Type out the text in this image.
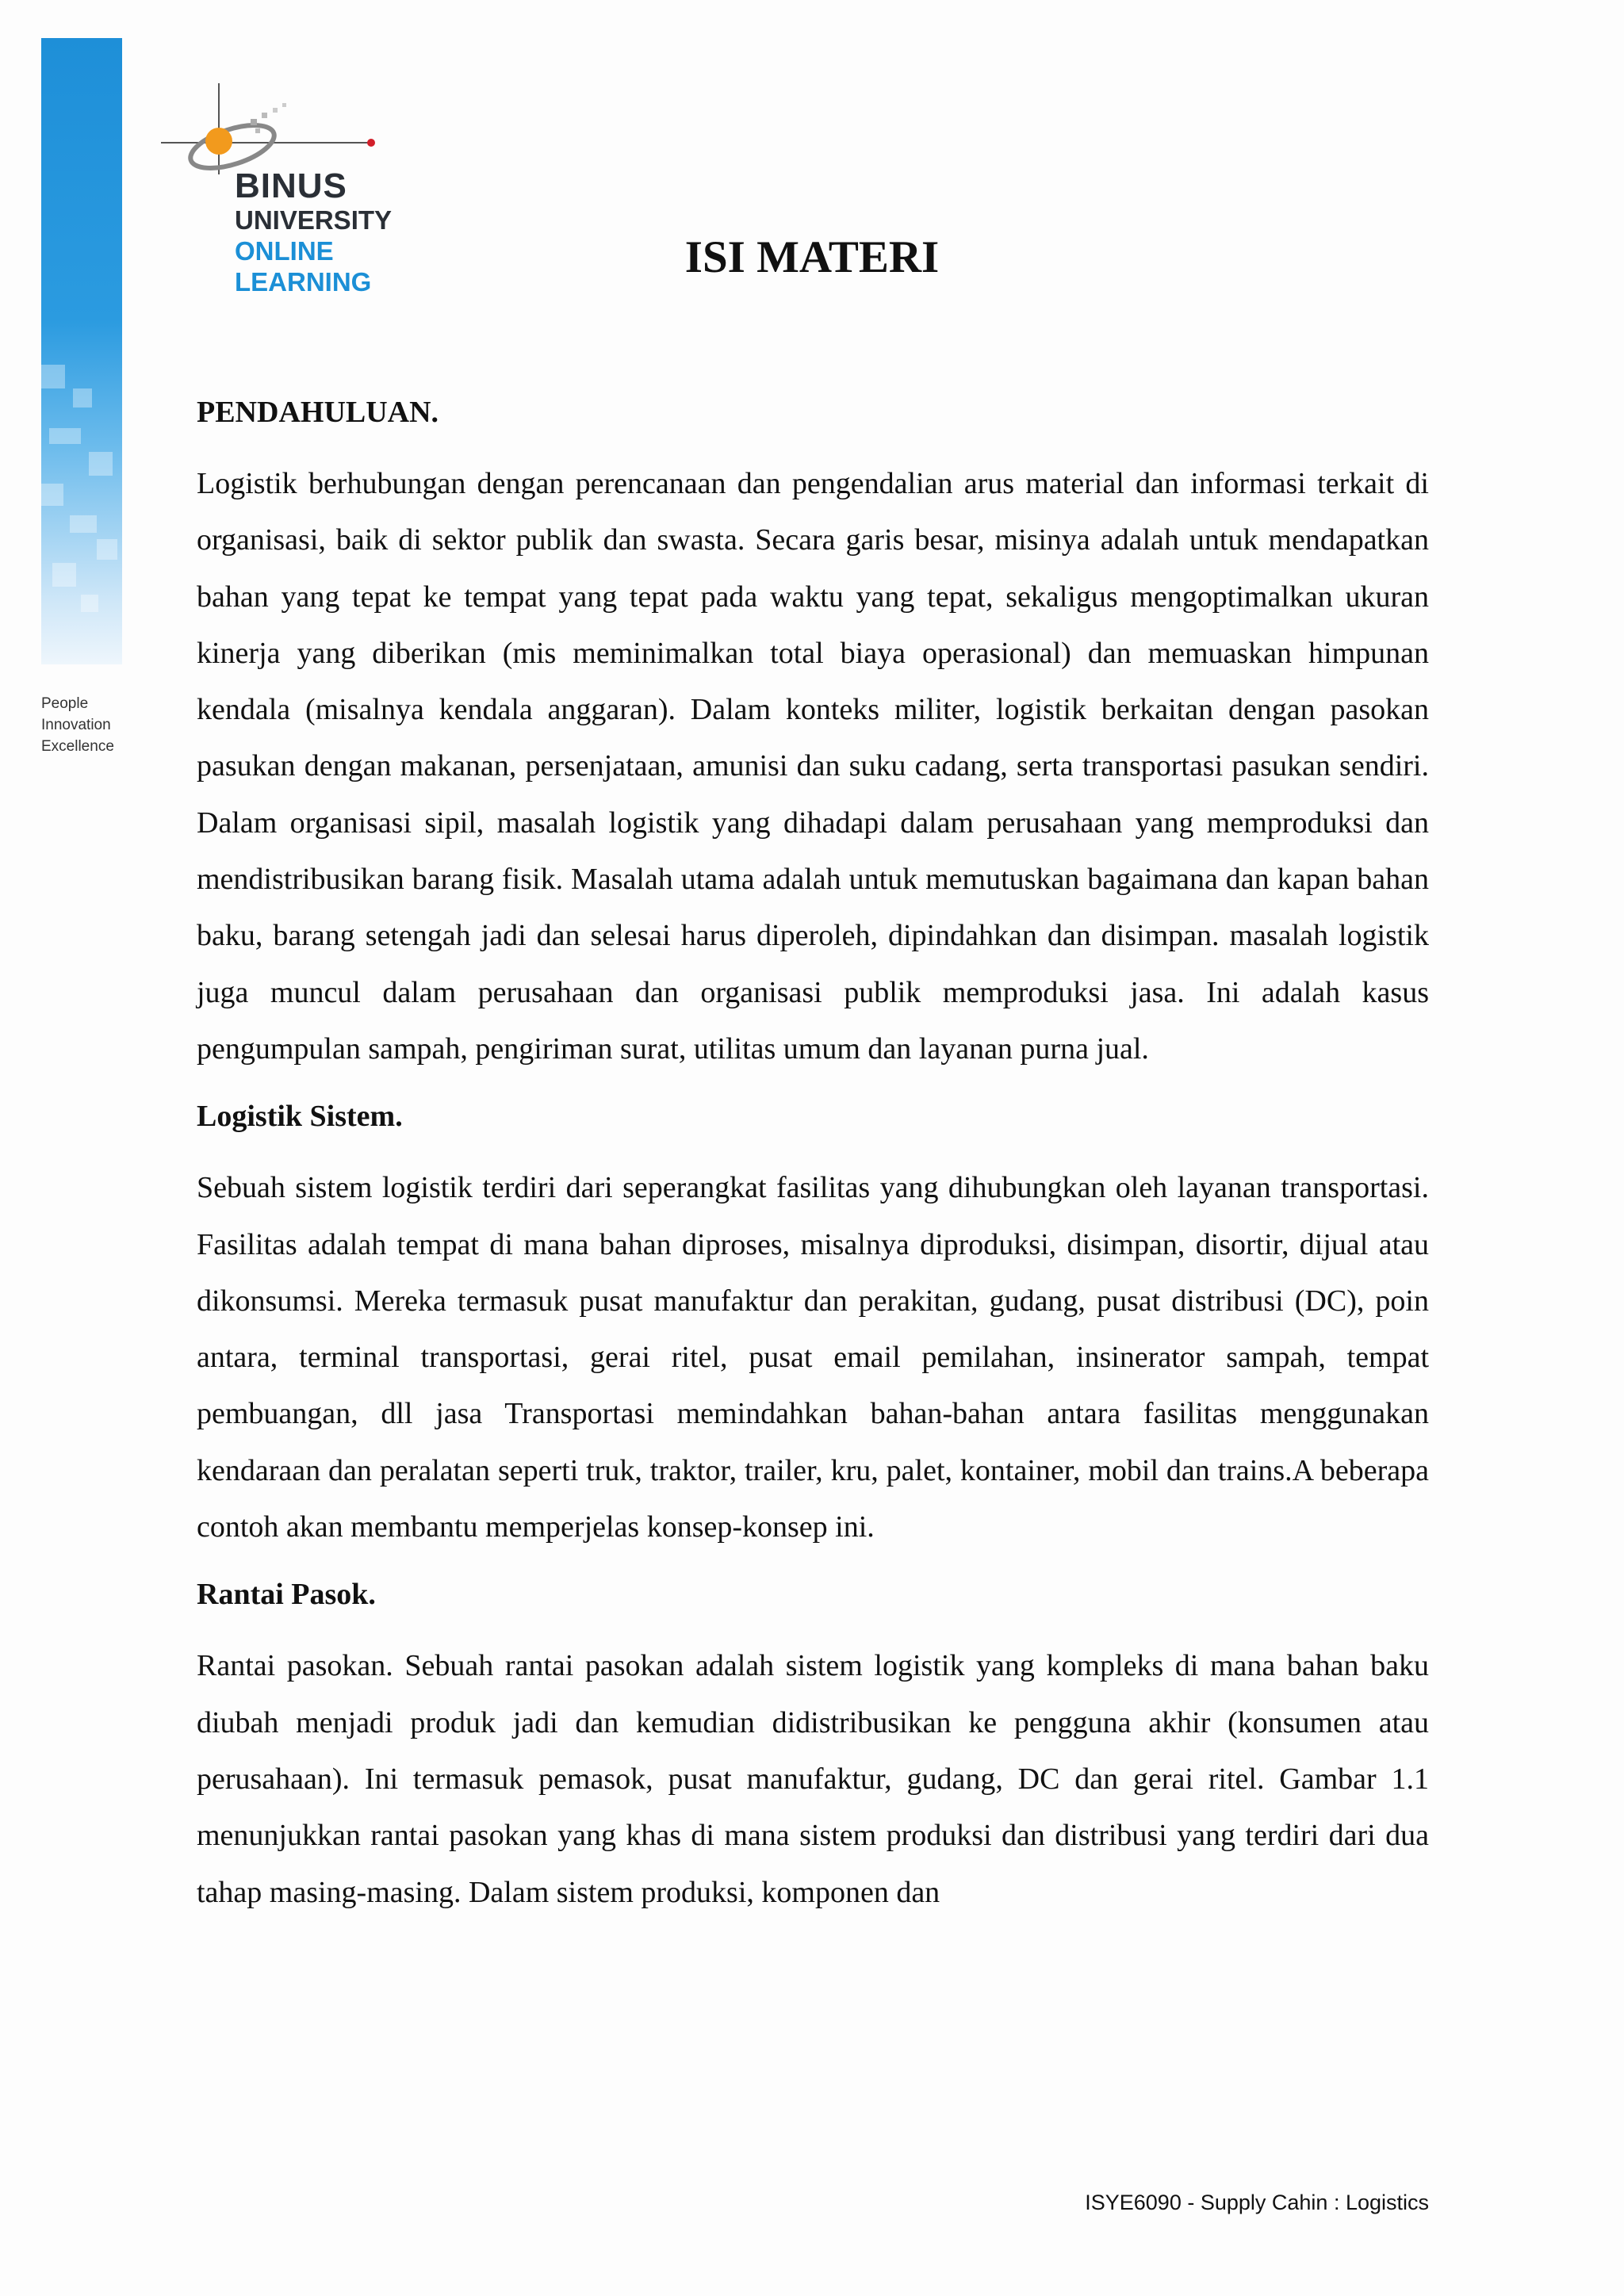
People
Innovation
Excellence
BINUS
UNIVERSITY
ONLINE
LEARNING	ISI MATERI
PENDAHULUAN.

Logistik berhubungan dengan perencanaan dan pengendalian arus material dan informasi terkait di organisasi, baik di sektor publik dan swasta. Secara garis besar, misinya adalah untuk mendapatkan bahan yang tepat ke tempat yang tepat pada waktu yang tepat, sekaligus mengoptimalkan ukuran kinerja yang diberikan (mis meminimalkan total biaya operasional) dan memuaskan himpunan kendala (misalnya kendala anggaran). Dalam konteks militer, logistik berkaitan dengan pasokan pasukan dengan makanan, persenjataan, amunisi dan suku cadang, serta transportasi pasukan sendiri. Dalam organisasi sipil, masalah logistik yang dihadapi dalam perusahaan yang memproduksi dan mendistribusikan barang fisik. Masalah utama adalah untuk memutuskan bagaimana dan kapan bahan baku, barang setengah jadi dan selesai harus diperoleh, dipindahkan dan disimpan. masalah logistik juga muncul dalam perusahaan dan organisasi publik memproduksi jasa. Ini adalah kasus pengumpulan sampah, pengiriman surat, utilitas umum dan layanan purna jual.

Logistik Sistem.

Sebuah sistem logistik terdiri dari seperangkat fasilitas yang dihubungkan oleh layanan transportasi. Fasilitas adalah tempat di mana bahan diproses, misalnya diproduksi, disimpan, disortir, dijual atau dikonsumsi. Mereka termasuk pusat manufaktur dan perakitan, gudang, pusat distribusi (DC), poin antara, terminal transportasi, gerai ritel, pusat email pemilahan, insinerator sampah, tempat pembuangan, dll jasa Transportasi memindahkan bahan-bahan antara fasilitas menggunakan kendaraan dan peralatan seperti truk, traktor, trailer, kru, palet, kontainer, mobil dan trains.A beberapa contoh akan membantu memperjelas konsep-konsep ini.

Rantai Pasok.

Rantai pasokan. Sebuah rantai pasokan adalah sistem logistik yang kompleks di mana bahan baku diubah menjadi produk jadi dan kemudian didistribusikan ke pengguna akhir (konsumen atau perusahaan). Ini termasuk pemasok, pusat manufaktur, gudang, DC dan gerai ritel. Gambar 1.1 menunjukkan rantai pasokan yang khas di mana sistem produksi dan distribusi yang terdiri dari dua tahap masing-masing. Dalam sistem produksi, komponen dan

ISYE6090 - Supply Cahin : Logistics
